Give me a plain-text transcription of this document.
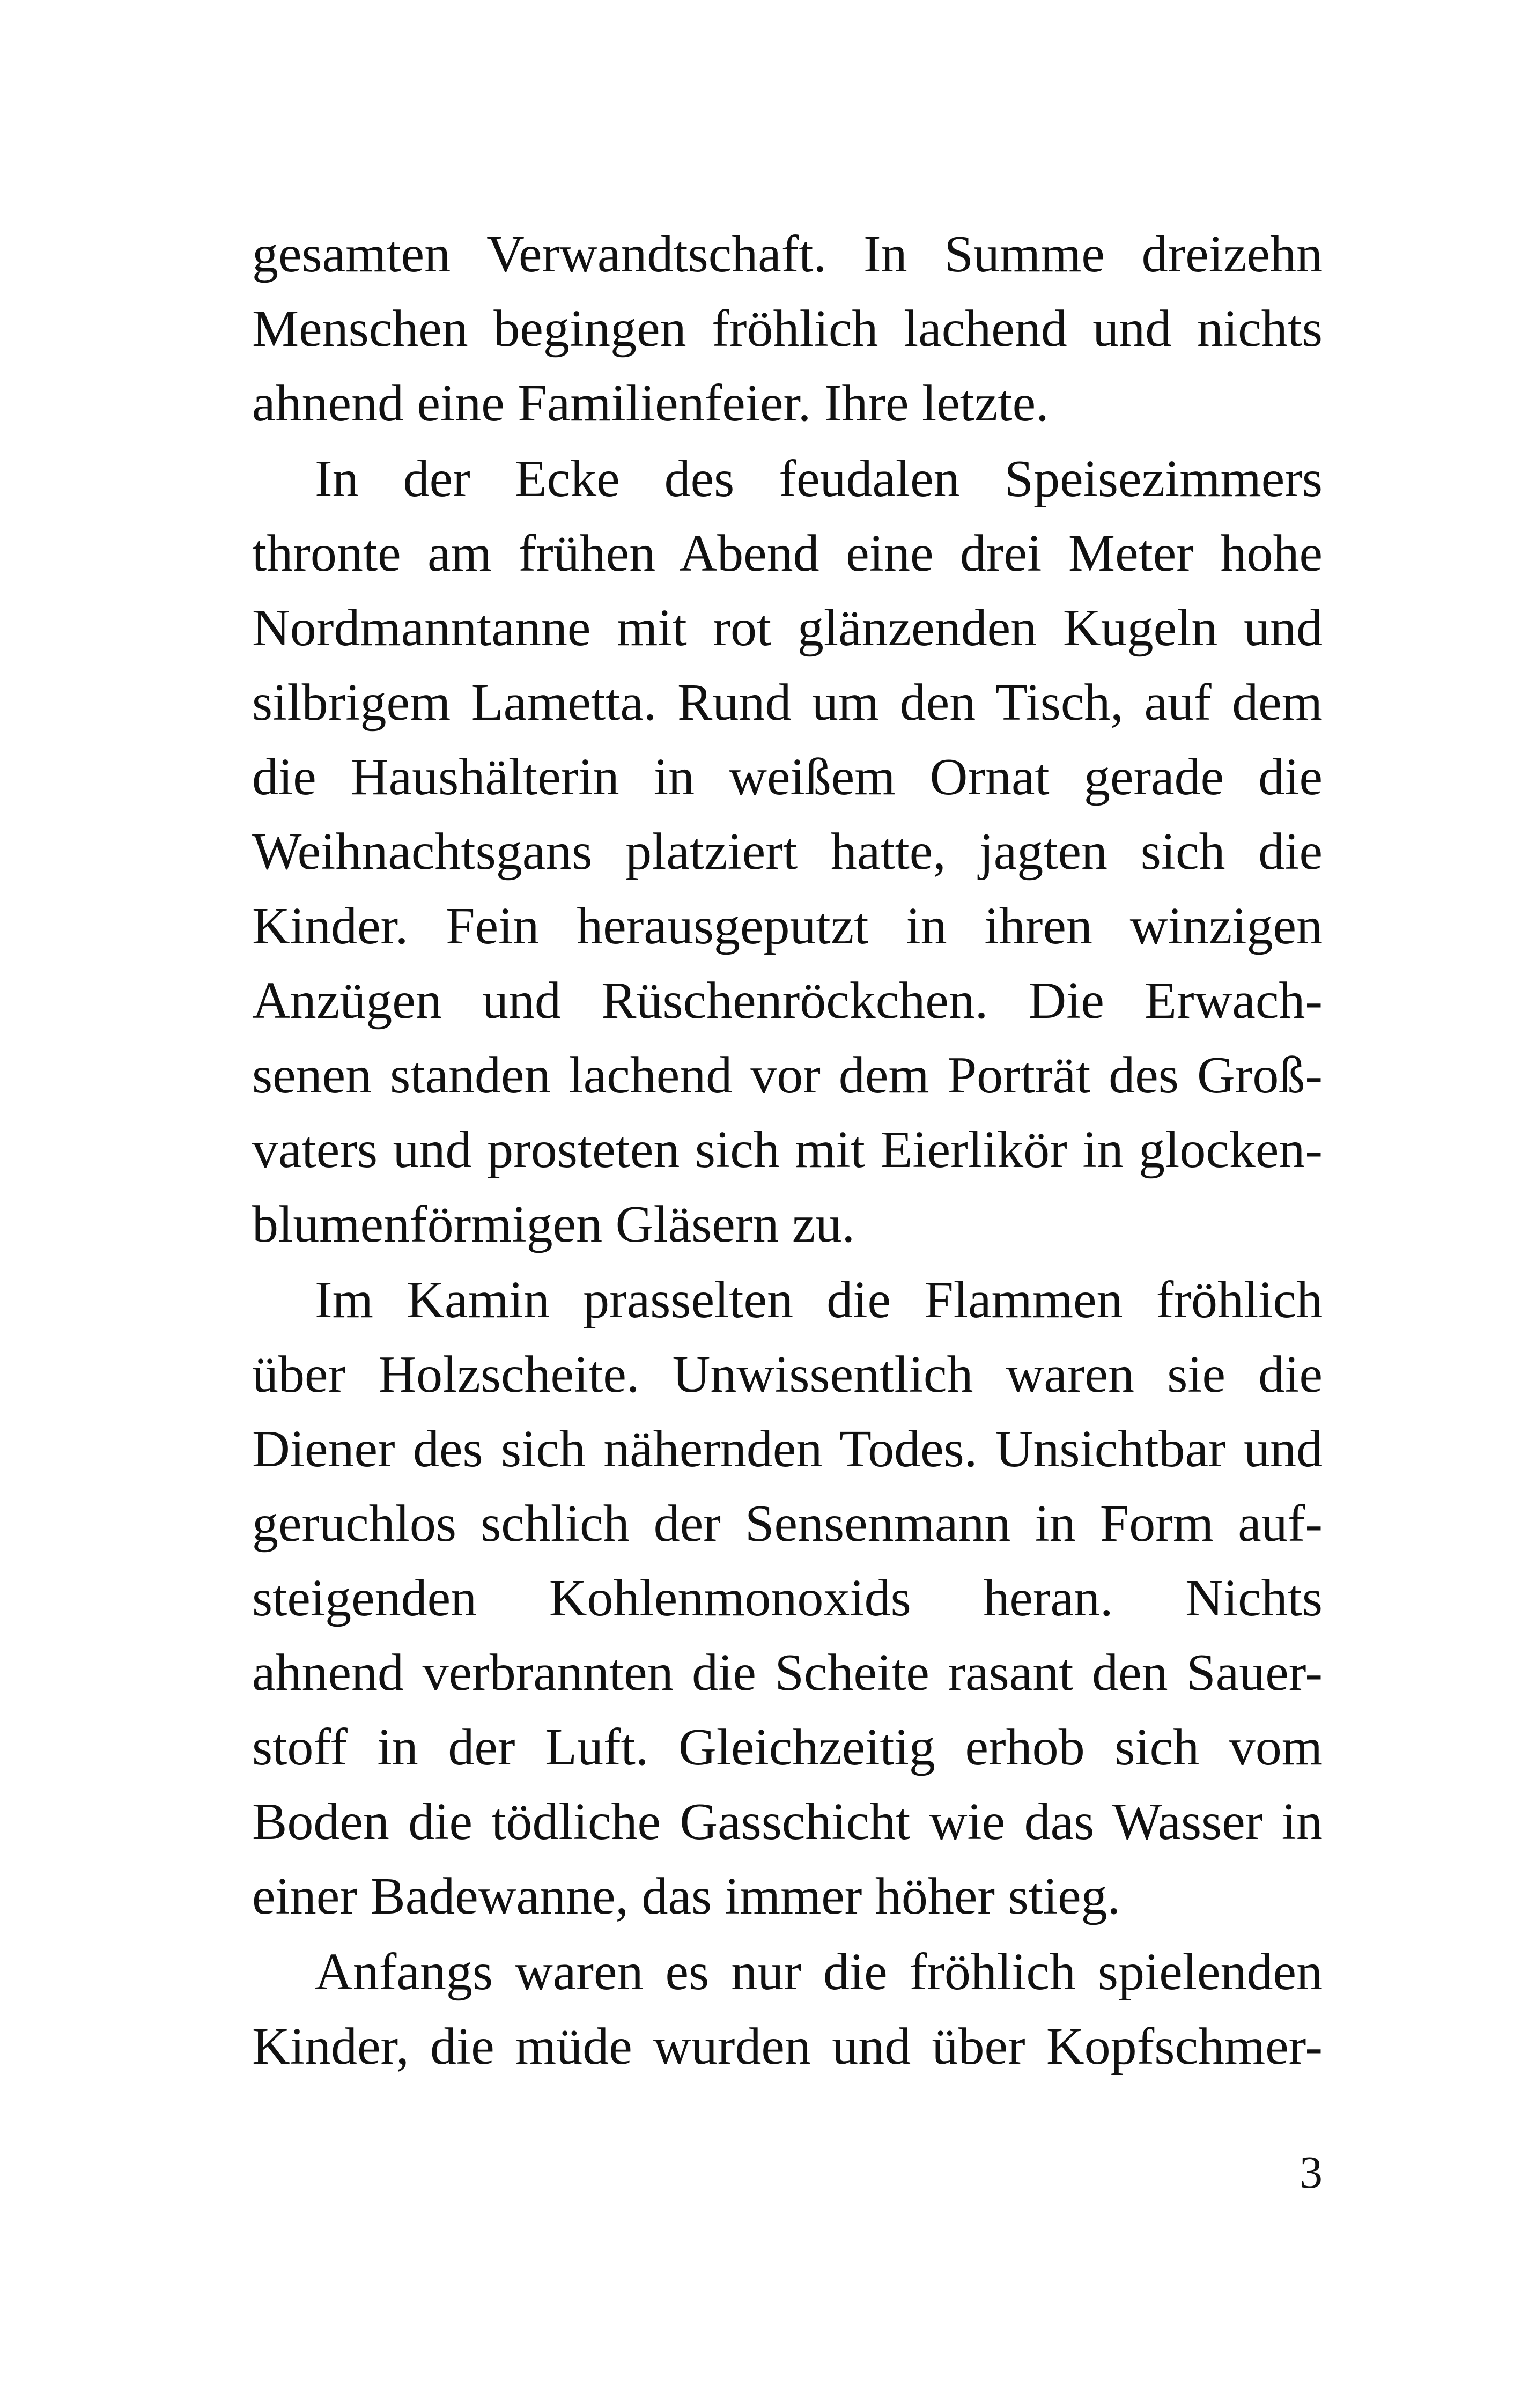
gesamten Verwandtschaft. In Summe dreizehn
Menschen begingen fröhlich lachend und nichts
ahnend eine Familienfeier. Ihre letzte.
In der Ecke des feudalen Speisezimmers
thronte am frühen Abend eine drei Meter hohe
Nordmanntanne mit rot glänzenden Kugeln und
silbrigem Lametta. Rund um den Tisch, auf dem
die Haushälterin in weißem Ornat gerade die
Weihnachtsgans platziert hatte, jagten sich die
Kinder. Fein herausgeputzt in ihren winzigen
Anzügen und Rüschenröckchen. Die Erwach-
senen standen lachend vor dem Porträt des Groß-
vaters und prosteten sich mit Eierlikör in glocken-
blumenförmigen Gläsern zu.
Im Kamin prasselten die Flammen fröhlich
über Holzscheite. Unwissentlich waren sie die
Diener des sich nähernden Todes. Unsichtbar und
geruchlos schlich der Sensenmann in Form auf-
steigenden Kohlenmonoxids heran. Nichts
ahnend verbrannten die Scheite rasant den Sauer-
stoff in der Luft. Gleichzeitig erhob sich vom
Boden die tödliche Gasschicht wie das Wasser in
einer Badewanne, das immer höher stieg.
Anfangs waren es nur die fröhlich spielenden
Kinder, die müde wurden und über Kopfschmer-
3
